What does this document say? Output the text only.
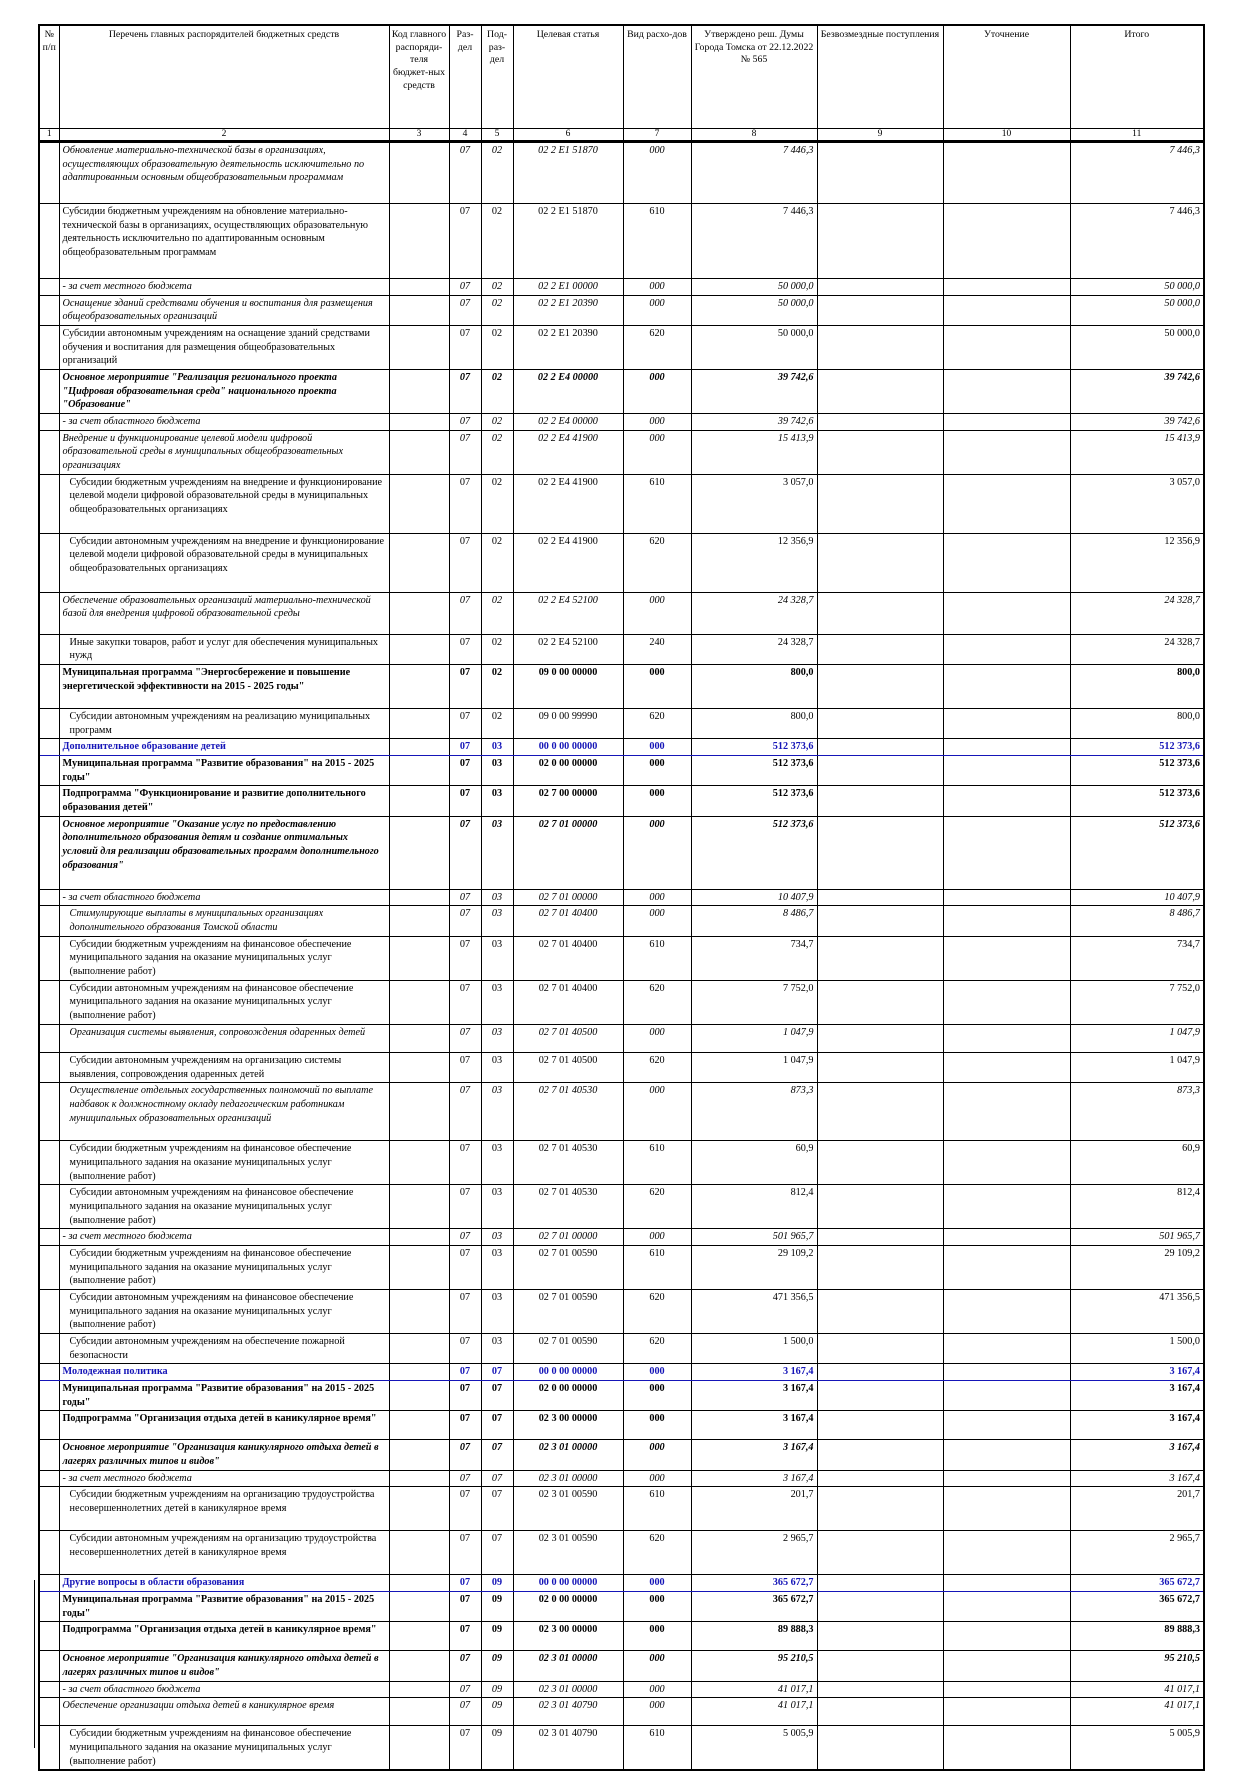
№ п/п	Перечень главных распорядителей бюджетных средств	Код главного распоряди-теля бюджет-ных средств	Раз-дел	Под-раз-дел	Целевая статья	Вид расхо-дов	Утверждено реш. Думы Города Томска от 22.12.2022 № 565	Безвозмездные поступления	Уточнение	Итого
1	2	3	4	5	6	7	8	9	10	11
	Обновление материально-технической базы в организациях, осуществляющих образовательную деятельность исключительно по адаптированным основным общеобразовательным программам		07	02	02 2 E1 51870	000	7 446,3			7 446,3
	Субсидии бюджетным учреждениям на обновление материально-технической базы в организациях, осуществляющих образовательную деятельность исключительно по адаптированным основным общеобразовательным программам		07	02	02 2 E1 51870	610	7 446,3			7 446,3
	- за счет местного бюджета		07	02	02 2 E1 00000	000	50 000,0			50 000,0
	Оснащение зданий средствами обучения и воспитания для размещения общеобразовательных организаций		07	02	02 2 E1 20390	000	50 000,0			50 000,0
	Субсидии автономным учреждениям на оснащение зданий средствами обучения и воспитания для размещения общеобразовательных организаций		07	02	02 2 E1 20390	620	50 000,0			50 000,0
	Основное мероприятие "Реализация регионального проекта "Цифровая образовательная среда" национального проекта "Образование"		07	02	02 2 E4 00000	000	39 742,6			39 742,6
	- за счет областного бюджета		07	02	02 2 E4 00000	000	39 742,6			39 742,6
	Внедрение и функционирование целевой модели цифровой образовательной среды в муниципальных общеобразовательных организациях		07	02	02 2 E4 41900	000	15 413,9			15 413,9
	Субсидии бюджетным учреждениям на внедрение и функционирование целевой модели цифровой образовательной среды в муниципальных общеобразовательных организациях		07	02	02 2 E4 41900	610	3 057,0			3 057,0
	Субсидии автономным учреждениям на внедрение и функционирование целевой модели цифровой образовательной среды в муниципальных общеобразовательных организациях		07	02	02 2 E4 41900	620	12 356,9			12 356,9
	Обеспечение образовательных организаций материально-технической базой для внедрения цифровой образовательной среды		07	02	02 2 E4 52100	000	24 328,7			24 328,7
	Иные закупки товаров, работ и услуг для обеспечения муниципальных нужд		07	02	02 2 E4 52100	240	24 328,7			24 328,7
	Муниципальная программа "Энергосбережение и повышение энергетической эффективности на 2015 - 2025 годы"		07	02	09 0 00 00000	000	800,0			800,0
	Субсидии автономным учреждениям на реализацию муниципальных программ		07	02	09 0 00 99990	620	800,0			800,0
	Дополнительное образование детей		07	03	00 0 00 00000	000	512 373,6			512 373,6
	Муниципальная программа "Развитие образования" на 2015 - 2025 годы"		07	03	02 0 00 00000	000	512 373,6			512 373,6
	Подпрограмма "Функционирование и развитие дополнительного образования детей"		07	03	02 7 00 00000	000	512 373,6			512 373,6
	Основное мероприятие "Оказание услуг по предоставлению дополнительного образования детям и создание оптимальных условий для реализации образовательных программ дополнительного образования"		07	03	02 7 01 00000	000	512 373,6			512 373,6
	- за счет областного бюджета		07	03	02 7 01 00000	000	10 407,9			10 407,9
	Стимулирующие выплаты в муниципальных организациях дополнительного образования Томской области		07	03	02 7 01 40400	000	8 486,7			8 486,7
	Субсидии бюджетным учреждениям на финансовое обеспечение муниципального задания на оказание муниципальных услуг (выполнение работ)		07	03	02 7 01 40400	610	734,7			734,7
	Субсидии автономным учреждениям на финансовое обеспечение муниципального задания на оказание муниципальных услуг (выполнение работ)		07	03	02 7 01 40400	620	7 752,0			7 752,0
	Организация системы выявления, сопровождения одаренных детей		07	03	02 7 01 40500	000	1 047,9			1 047,9
	Субсидии автономным учреждениям на организацию системы выявления, сопровождения одаренных детей		07	03	02 7 01 40500	620	1 047,9			1 047,9
	Осуществление отдельных государственных полномочий по выплате надбавок к должностному окладу педагогическим работникам муниципальных образовательных организаций		07	03	02 7 01 40530	000	873,3			873,3
	Субсидии бюджетным учреждениям на финансовое обеспечение муниципального задания на оказание муниципальных услуг (выполнение работ)		07	03	02 7 01 40530	610	60,9			60,9
	Субсидии автономным учреждениям на финансовое обеспечение муниципального задания на оказание муниципальных услуг (выполнение работ)		07	03	02 7 01 40530	620	812,4			812,4
	- за счет местного бюджета		07	03	02 7 01 00000	000	501 965,7			501 965,7
	Субсидии бюджетным учреждениям на финансовое обеспечение муниципального задания на оказание муниципальных услуг (выполнение работ)		07	03	02 7 01 00590	610	29 109,2			29 109,2
	Субсидии автономным учреждениям на финансовое обеспечение муниципального задания на оказание муниципальных услуг (выполнение работ)		07	03	02 7 01 00590	620	471 356,5			471 356,5
	Субсидии автономным учреждениям на обеспечение пожарной безопасности		07	03	02 7 01 00590	620	1 500,0			1 500,0
	Молодежная политика		07	07	00 0 00 00000	000	3 167,4			3 167,4
	Муниципальная программа "Развитие образования" на 2015 - 2025 годы"		07	07	02 0 00 00000	000	3 167,4			3 167,4
	Подпрограмма "Организация отдыха детей в каникулярное время"		07	07	02 3 00 00000	000	3 167,4			3 167,4
	Основное мероприятие "Организация каникулярного отдыха детей в лагерях различных типов и видов"		07	07	02 3 01 00000	000	3 167,4			3 167,4
	- за счет местного бюджета		07	07	02 3 01 00000	000	3 167,4			3 167,4
	Субсидии бюджетным учреждениям на организацию трудоустройства несовершеннолетних детей в каникулярное время		07	07	02 3 01 00590	610	201,7			201,7
	Субсидии автономным учреждениям на организацию трудоустройства несовершеннолетних детей в каникулярное время		07	07	02 3 01 00590	620	2 965,7			2 965,7
	Другие вопросы в области образования		07	09	00 0 00 00000	000	365 672,7			365 672,7
	Муниципальная программа "Развитие образования" на 2015 - 2025 годы"		07	09	02 0 00 00000	000	365 672,7			365 672,7
	Подпрограмма "Организация отдыха детей в каникулярное время"		07	09	02 3 00 00000	000	89 888,3			89 888,3
	Основное мероприятие "Организация каникулярного отдыха детей в лагерях различных типов и видов"		07	09	02 3 01 00000	000	95 210,5			95 210,5
	- за счет областного бюджета		07	09	02 3 01 00000	000	41 017,1			41 017,1
	Обеспечение организации отдыха детей в каникулярное время		07	09	02 3 01 40790	000	41 017,1			41 017,1
	Субсидии бюджетным учреждениям на финансовое обеспечение муниципального задания на оказание муниципальных услуг (выполнение работ)		07	09	02 3 01 40790	610	5 005,9			5 005,9
